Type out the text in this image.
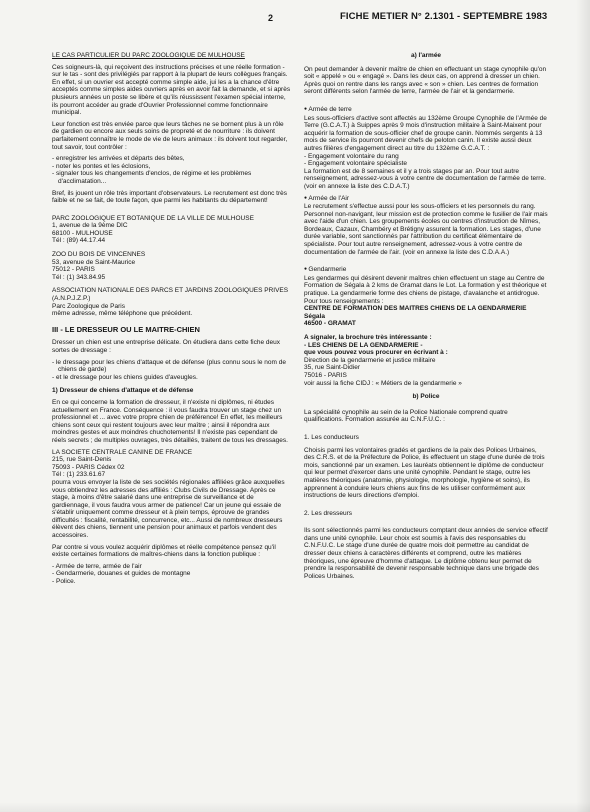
2	FICHE METIER N° 2.1301 - SEPTEMBRE 1983

LE CAS PARTICULIER DU PARC ZOOLOGIQUE DE MULHOUSE

Ces soigneurs-là, qui reçoivent des instructions précises et une réelle formation - sur le tas - sont des privilégiés par rapport à la plupart de leurs collègues français. En effet, si un ouvrier est accepté comme simple aide, jui les a la chance d'être acceptés comme simples aides ouvriers après en avoir fait la demande, et si après plusieurs années un poste se libère et qu'ils réussissent l'examen spécial interne, ils pourront accéder au grade d'Ouvrier Professionnel comme fonctionnaire municipal.

Leur fonction est très enviée parce que leurs tâches ne se bornent plus à un rôle de gardien ou encore aux seuls soins de propreté et de nourriture : ils doivent parfaitement connaître le mode de vie de leurs animaux : ils doivent tout regarder, tout savoir, tout contrôler :

- enregistrer les arrivées et départs des bêtes,
- noter les pontes et les éclosions,
- signaler tous les changements d'enclos, de régime et les problèmes d'acclimatation...

Bref, ils jouent un rôle très important d'observateurs. Le recrutement est donc très faible et ne se fait, de toute façon, que parmi les habitants du département!

PARC ZOOLOGIQUE ET BOTANIQUE DE LA VILLE DE MULHOUSE

1, avenue de la 9ème DIC

68100 - MULHOUSE

Tél : (89) 44.17.44

ZOO DU BOIS DE VINCENNES

53, avenue de Saint-Maurice

75012 - PARIS

Tél : (1) 343.84.95

ASSOCIATION NATIONALE DES PARCS ET JARDINS ZOOLOGIQUES PRIVES (A.N.P.J.Z.P.)

Parc Zoologique de Paris

même adresse, même téléphone que précédent.

III - LE DRESSEUR OU LE MAITRE-CHIEN

Dresser un chien est une entreprise délicate. On étudiera dans cette fiche deux sortes de dressage :

- le dressage pour les chiens d'attaque et de défense (plus connu sous le nom de chiens de garde)
- et le dressage pour les chiens guides d'aveugles.

1) Dresseur de chiens d'attaque et de défense

En ce qui concerne la formation de dresseur, il n'existe ni diplômes, ni études actuellement en France. Conséquence : il vous faudra trouver un stage chez un professionnel et ... avec votre propre chien de préférence! En effet, les meilleurs chiens sont ceux qui restent toujours avec leur maître ; ainsi il répondra aux moindres gestes et aux moindres chuchotements! Il n'existe pas cependant de réels secrets ; de multiples ouvrages, très détaillés, traitent de tous les dressages.

LA SOCIETE CENTRALE CANINE DE FRANCE

215, rue Saint-Denis

75093 - PARIS Cédex 02

Tél : (1) 233.61.67

pourra vous envoyer la liste de ses sociétés régionales affiliées grâce auxquelles vous obtiendrez les adresses des affiliés : Clubs Civils de Dressage. Après ce stage, à moins d'être salarié dans une entreprise de surveillance et de gardiennage, il vous faudra vous armer de patience! Car un jeune qui essaie de s'établir uniquement comme dresseur et à plein temps, éprouve de grandes difficultés : fiscalité, rentabilité, concurrence, etc... Aussi de nombreux dresseurs élèvent des chiens, tiennent une pension pour animaux et parfois vendent des accessoires.

Par contre si vous voulez acquérir diplômes et réelle compétence pensez qu'il existe certaines formations de maîtres-chiens dans la fonction publique :

- Armée de terre, armée de l'air
- Gendarmerie, douanes et guides de montagne
- Police.

a) l'armée

On peut demander à devenir maître de chien en effectuant un stage cynophile qu'on soit « appelé » ou « engagé ». Dans les deux cas, on apprend à dresser un chien. Après quoi on rentre dans les rangs avec « son » chien. Les centres de formation seront différents selon l'armée de terre, l'armée de l'air et la gendarmerie.

● Armée de terre

Les sous-officiers d'active sont affectés au 132ème Groupe Cynophile de l'Armée de Terre (G.C.A.T.) à Suippes après 9 mois d'instruction militaire à Saint-Maixent pour acquérir la formation de sous-officier chef de groupe canin. Nommés sergents à 13 mois de service ils pourront devenir chefs de peloton canin. Il existe aussi deux autres filières d'engagement direct au titre du 132ème G.C.A.T. :

- Engagement volontaire du rang
- Engagement volontaire spécialiste

La formation est de 8 semaines et il y a trois stages par an. Pour tout autre renseignement, adressez-vous à votre centre de documentation de l'armée de terre. (voir en annexe la liste des C.D.A.T.)

● Armée de l'Air

Le recrutement s'effectue aussi pour les sous-officiers et les personnels du rang. Personnel non-navigant, leur mission est de protection comme le fusilier de l'air mais avec l'aide d'un chien. Les groupements écoles ou centres d'instruction de Nîmes, Bordeaux, Cazaux, Chambéry et Brétigny assurent la formation. Les stages, d'une durée variable, sont sanctionnés par l'attribution du certificat élémentaire de spécialiste. Pour tout autre renseignement, adressez-vous à votre centre de documentation de l'armée de l'air. (voir en annexe la liste des C.D.A.A.)

● Gendarmerie

Les gendarmes qui désirent devenir maîtres chien effectuent un stage au Centre de Formation de Ségala à 2 kms de Gramat dans le Lot. La formation y est théorique et pratique. La gendarmerie forme des chiens de pistage, d'avalanche et antidrogue.

Pour tous renseignements :

CENTRE DE FORMATION DES MAITRES CHIENS DE LA GENDARMERIE

Ségala

46500 - GRAMAT

A signaler, la brochure très intéressante :

- LES CHIENS DE LA GENDARMERIE -

que vous pouvez vous procurer en écrivant à :

Direction de la gendarmerie et justice militaire

35, rue Saint-Didier

75016 - PARIS

voir aussi la fiche CIDJ : « Métiers de la gendarmerie »

b) Police

La spécialité cynophile au sein de la Police Nationale comprend quatre qualifications. Formation assurée au C.N.F.U.C. :

1. Les conducteurs

Choisis parmi les volontaires gradés et gardiens de la paix des Polices Urbaines, des C.R.S. et de la Préfecture de Police, ils effectuent un stage d'une durée de trois mois, sanctionné par un examen. Les lauréats obtiennent le diplôme de conducteur qui leur permet d'exercer dans une unité cynophile. Pendant le stage, outre les matières théoriques (anatomie, physiologie, morphologie, hygiène et soins), ils apprennent à conduire leurs chiens aux fins de les utiliser conformément aux instructions de leurs directions d'emploi.

2. Les dresseurs

Ils sont sélectionnés parmi les conducteurs comptant deux années de service effectif dans une unité cynophile. Leur choix est soumis à l'avis des responsables du C.N.F.U.C. Le stage d'une durée de quatre mois doit permettre au candidat de dresser deux chiens à caractères différents et comprend, outre les matières théoriques, une épreuve d'homme d'attaque. Le diplôme obtenu leur permet de prendre la responsabilité de devenir responsable technique dans une brigade des Polices Urbaines.
